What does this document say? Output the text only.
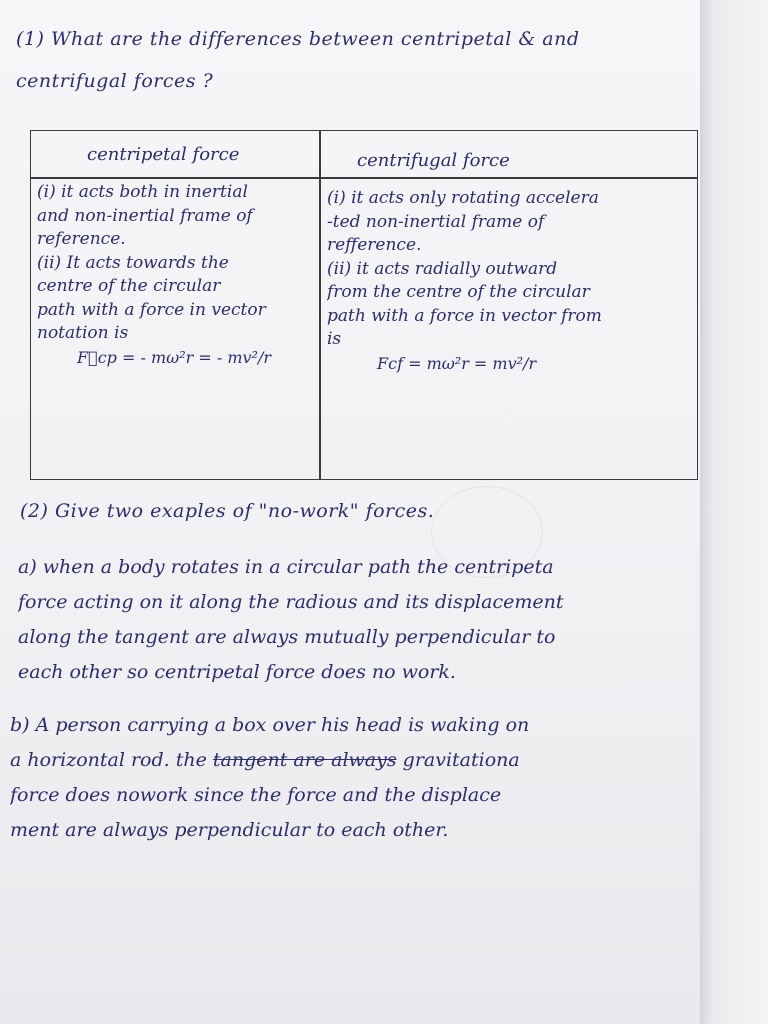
(1) What are the differences between centripetal & and
centrifugal forces ?
centripetal force	centrifugal force
(i) it acts both in inertial
and non-inertial frame of
reference.
(ii) It acts towards the
centre of the circular
path with a force in vector
notation is
F⃗cp = - mω²r = - mv²/r
(i) it acts only rotating accelera
-ted non-inertial frame of
refference.
(ii) it acts radially outward
from the centre of the circular
path with a force in vector from
is
Fcf = mω²r = mv²/r
(2) Give two exaples of "no-work" forces.
a) when a body rotates in a circular path the centripeta
force acting on it along the radious and its displacement
along the tangent are always mutually perpendicular to
each other so centripetal force does no work.
b) A person carrying a box over his head is waking on
a horizontal rod. the tangent are always gravitationa
force does nowork since the force and the displace
ment are always perpendicular to each other.
